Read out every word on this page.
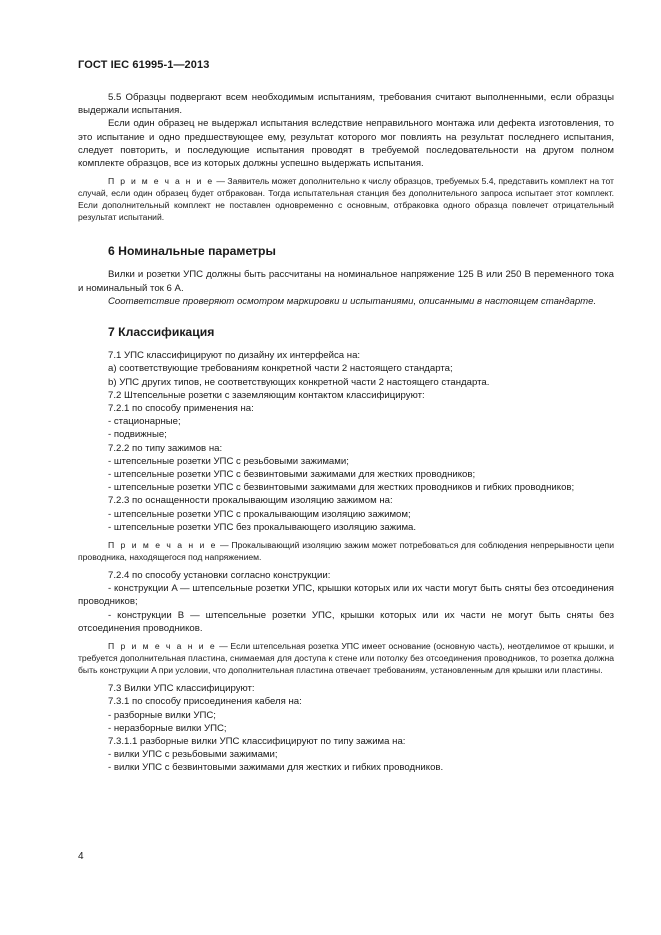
ГОСТ IEC 61995-1—2013

5.5 Образцы подвергают всем необходимым испытаниям, требования считают выполненными, если образцы выдержали испытания.

Если один образец не выдержал испытания вследствие неправильного монтажа или дефекта изготовления, то это испытание и одно предшествующее ему, результат которого мог повлиять на результат последнего испытания, следует повторить, и последующие испытания проводят в требуемой последовательности на другом полном комплекте образцов, все из которых должны успешно выдержать испытания.

П р и м е ч а н и е — Заявитель может дополнительно к числу образцов, требуемых 5.4, представить комплект на тот случай, если один образец будет отбракован. Тогда испытательная станция без дополнительного запроса испытает этот комплект. Если дополнительный комплект не поставлен одновременно с основным, отбраковка одного образца повлечет отрицательный результат испытаний.

6 Номинальные параметры

Вилки и розетки УПС должны быть рассчитаны на номинальное напряжение 125 В или 250 В переменного тока и номинальный ток 6 А.

Соответствие проверяют осмотром маркировки и испытаниями, описанными в настоящем стандарте.

7 Классификация

7.1 УПС классифицируют по дизайну их интерфейса на:

a) соответствующие требованиям конкретной части 2 настоящего стандарта;

b) УПС других типов, не соответствующих конкретной части 2 настоящего стандарта.

7.2 Штепсельные розетки с заземляющим контактом классифицируют:

7.2.1 по способу применения на:

- стационарные;

- подвижные;

7.2.2 по типу зажимов на:

- штепсельные розетки УПС с резьбовыми зажимами;

- штепсельные розетки УПС с безвинтовыми зажимами для жестких проводников;

- штепсельные розетки УПС с безвинтовыми зажимами для жестких проводников и гибких проводников;

7.2.3 по оснащенности прокалывающим изоляцию зажимом на:

- штепсельные розетки УПС с прокалывающим изоляцию зажимом;

- штепсельные розетки УПС без прокалывающего изоляцию зажима.

П р и м е ч а н и е — Прокалывающий изоляцию зажим может потребоваться для соблюдения непрерывности цепи проводника, находящегося под напряжением.

7.2.4 по способу установки согласно конструкции:

- конструкции A — штепсельные розетки УПС, крышки которых или их части могут быть сняты без отсоединения проводников;

- конструкции B — штепсельные розетки УПС, крышки которых или их части не могут быть сняты без отсоединения проводников.

П р и м е ч а н и е — Если штепсельная розетка УПС имеет основание (основную часть), неотделимое от крышки, и требуется дополнительная пластина, снимаемая для доступа к стене или потолку без отсоединения проводников, то розетка должна быть конструкции A при условии, что дополнительная пластина отвечает требованиям, установленным для крышки или пластины.

7.3 Вилки УПС классифицируют:

7.3.1 по способу присоединения кабеля на:

- разборные вилки УПС;

- неразборные вилки УПС;

7.3.1.1 разборные вилки УПС классифицируют по типу зажима на:

- вилки УПС с резьбовыми зажимами;

- вилки УПС с безвинтовыми зажимами для жестких и гибких проводников.

4
